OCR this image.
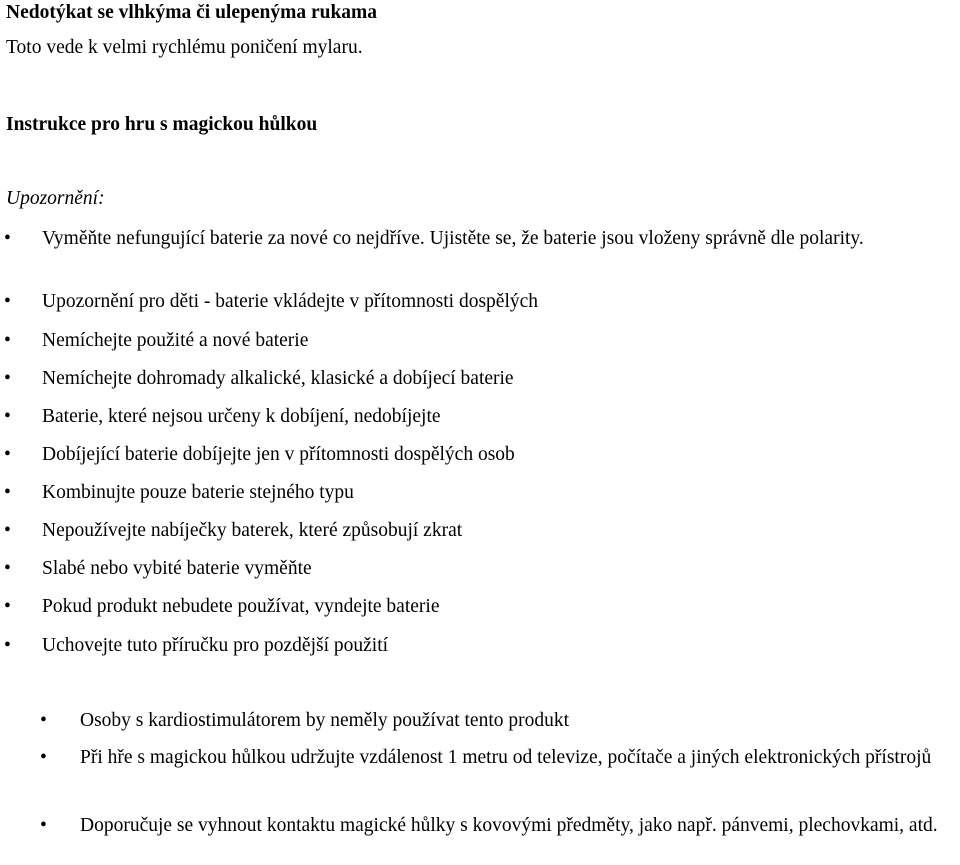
Nedotýkat se vlhkýma či ulepenýma rukama
Toto vede k velmi rychlému poničení mylaru.
Instrukce pro hru s magickou hůlkou
Upozornění:
• Vyměňte nefungující baterie za nové co nejdříve. Ujistěte se, že baterie jsou vloženy správně dle polarity.
• Upozornění pro děti - baterie vkládejte v přítomnosti dospělých
• Nemíchejte použité a nové baterie
• Nemíchejte dohromady alkalické, klasické a dobíjecí baterie
• Baterie, které nejsou určeny k dobíjení, nedobíjejte
• Dobíjející baterie dobíjejte jen v přítomnosti dospělých osob
• Kombinujte pouze baterie stejného typu
• Nepoužívejte nabíječky baterek, které způsobují zkrat
• Slabé nebo vybité baterie vyměňte
• Pokud produkt nebudete používat, vyndejte baterie
• Uchovejte tuto příručku pro pozdější použití
• Osoby s kardiostimulátorem by neměly používat tento produkt
• Při hře s magickou hůlkou udržujte vzdálenost 1 metru od televize, počítače a jiných elektronických přístrojů
• Doporučuje se vyhnout kontaktu magické hůlky s kovovými předměty, jako např. pánvemi, plechovkami, atd.
